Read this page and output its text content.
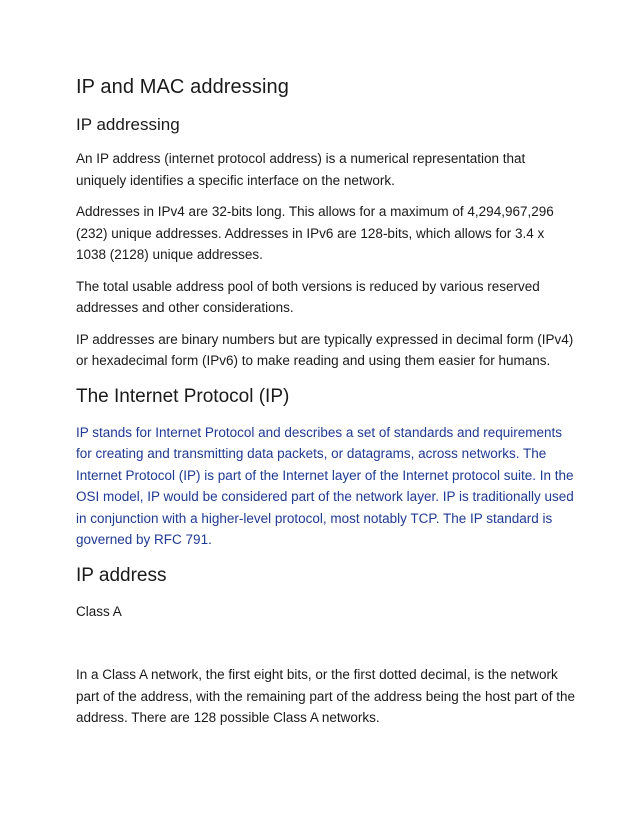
IP and MAC addressing
IP addressing

An IP address (internet protocol address) is a numerical representation that uniquely identifies a specific interface on the network.

Addresses in IPv4 are 32-bits long. This allows for a maximum of 4,294,967,296 (232) unique addresses. Addresses in IPv6 are 128-bits, which allows for 3.4 x 1038 (2128) unique addresses.

The total usable address pool of both versions is reduced by various reserved addresses and other considerations.

IP addresses are binary numbers but are typically expressed in decimal form (IPv4) or hexadecimal form (IPv6) to make reading and using them easier for humans.

The Internet Protocol (IP)

IP stands for Internet Protocol and describes a set of standards and requirements for creating and transmitting data packets, or datagrams, across networks. The Internet Protocol (IP) is part of the Internet layer of the Internet protocol suite. In the OSI model, IP would be considered part of the network layer. IP is traditionally used in conjunction with a higher-level protocol, most notably TCP. The IP standard is governed by RFC 791.

IP address

Class A

In a Class A network, the first eight bits, or the first dotted decimal, is the network part of the address, with the remaining part of the address being the host part of the address. There are 128 possible Class A networks.
